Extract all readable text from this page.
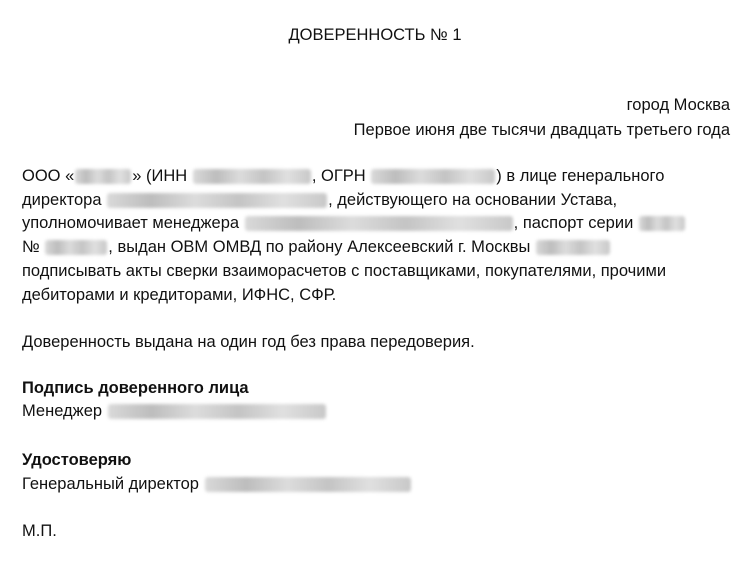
ДОВЕРЕННОСТЬ № 1
город Москва
Первое июня две тысячи двадцать третьего года
ООО «	» (ИНН	, ОГРН	) в лице генерального
директора	, действующего на основании Устава,
уполномочивает менеджера	, паспорт серии
№	, выдан ОВМ ОМВД по району Алексеевский г. Москвы
подписывать акты сверки взаиморасчетов с поставщиками, покупателями, прочими
дебиторами и кредиторами, ИФНС, СФР.
Доверенность выдана на один год без права передоверия.
Подпись доверенного лица
Менеджер
Удостоверяю
Генеральный директор
М.П.
